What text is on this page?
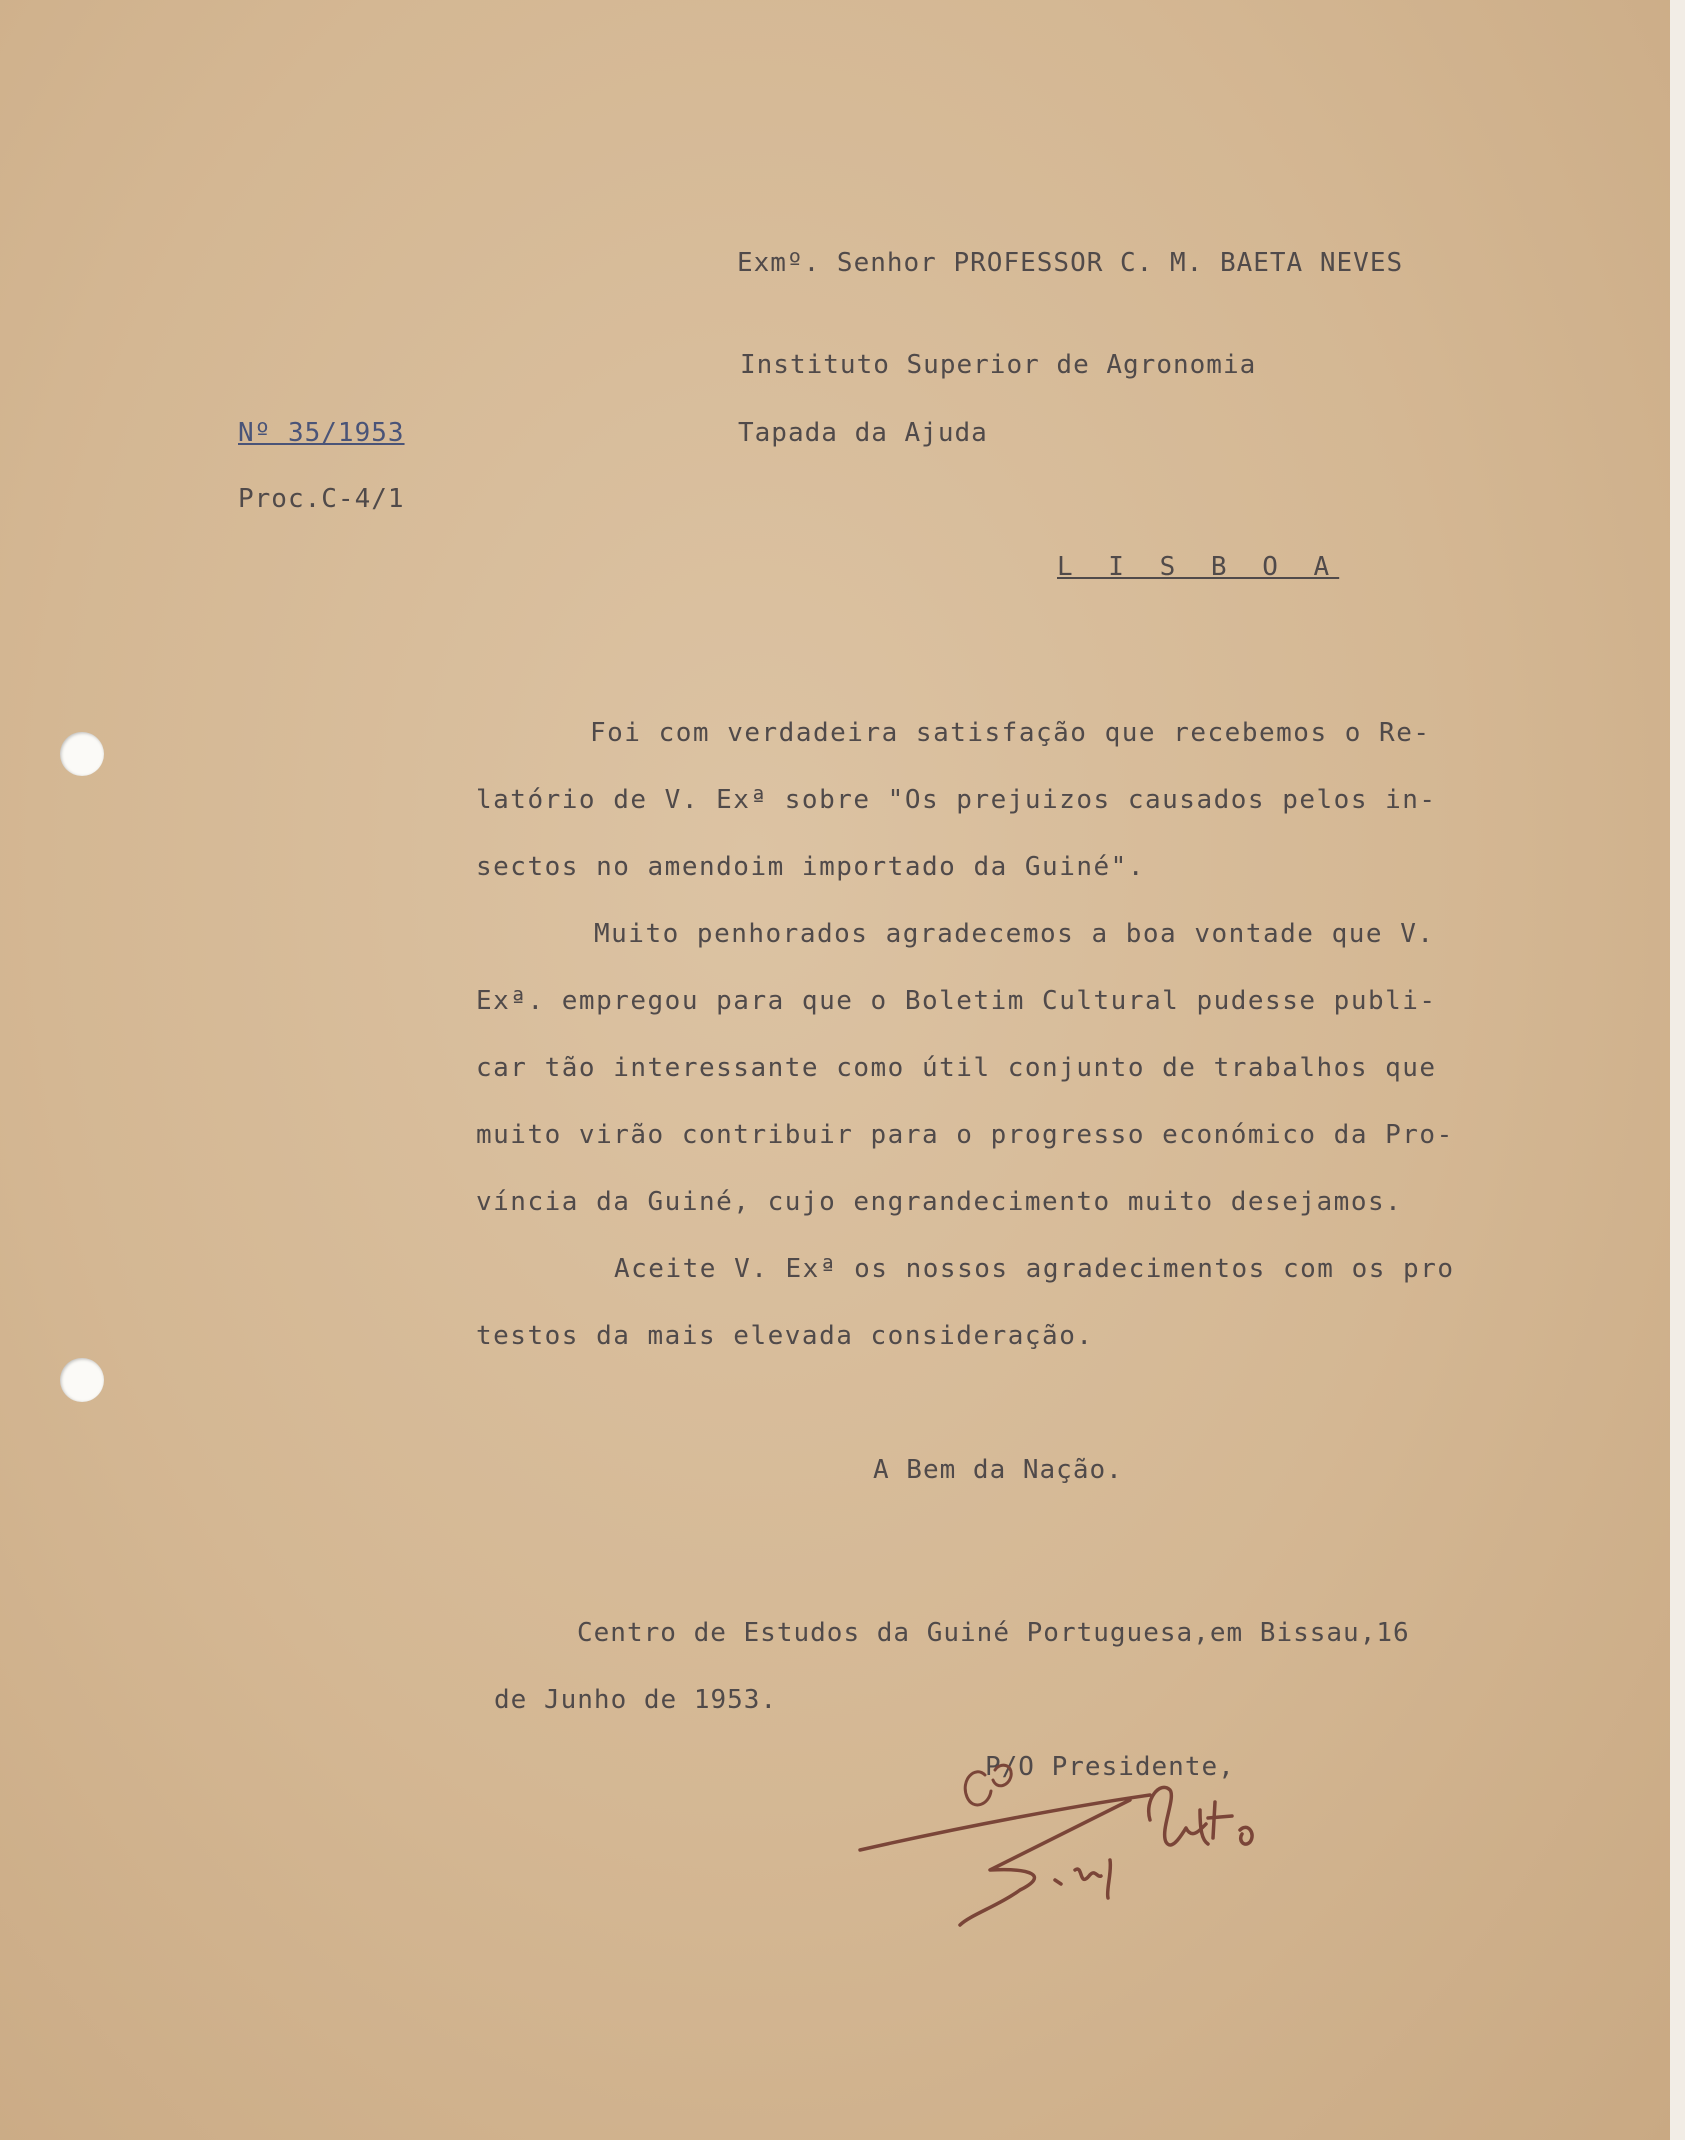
Exmº. Senhor PROFESSOR C. M. BAETA NEVES

Instituto Superior de Agronomia

Nº 35/1953	Tapada da Ajuda

Proc.C-4/1

L I S B O A

Foi com verdadeira satisfação que recebemos o Re-

latório de V. Exª sobre "Os prejuizos causados pelos in-

sectos no amendoim importado da Guiné".

Muito penhorados agradecemos a boa vontade que V.

Exª. empregou para que o Boletim Cultural pudesse publi-

car tão interessante como útil conjunto de trabalhos que

muito virão contribuir para o progresso económico da Pro-

víncia da Guiné, cujo engrandecimento muito desejamos.

Aceite V. Exª os nossos agradecimentos com os pro

testos da mais elevada consideração.

A Bem da Nação.

Centro de Estudos da Guiné Portuguesa,em Bissau,16

de Junho de 1953.

P/O Presidente,
